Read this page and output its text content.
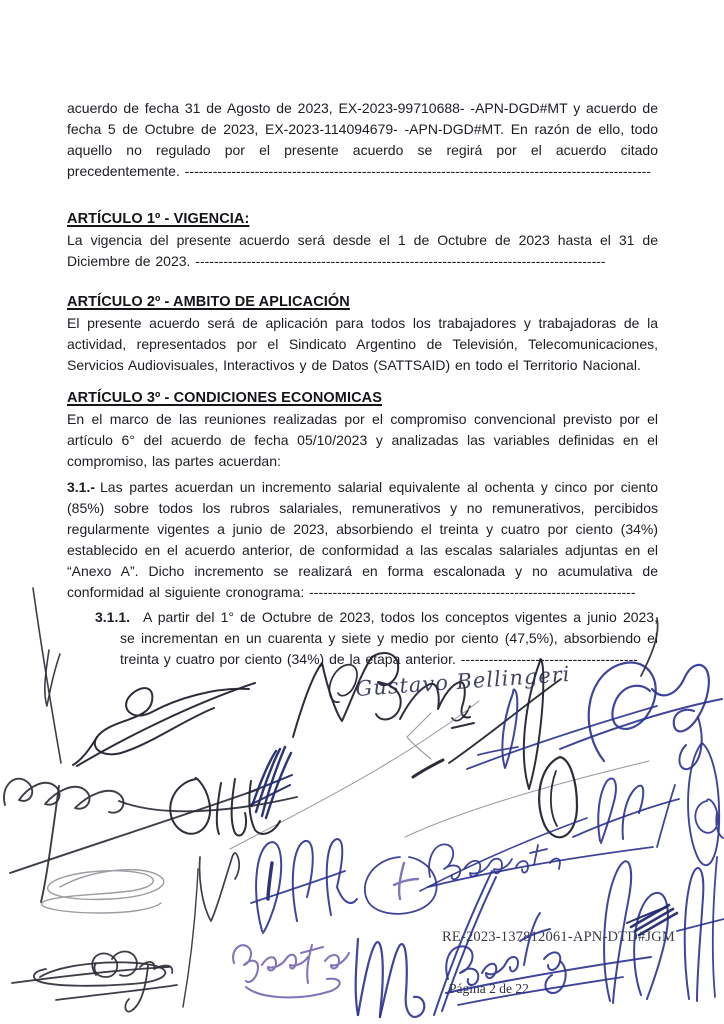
acuerdo de fecha 31 de Agosto de 2023, EX-2023-99710688- -APN-DGD#MT y acuerdo de fecha 5 de Octubre de 2023, EX-2023-114094679- -APN-DGD#MT. En razón de ello, todo aquello no regulado por el presente acuerdo se regirá por el acuerdo citado precedentemente. ----------------------------------------------------------------------------------------------------

ARTÍCULO 1º - VIGENCIA:

La vigencia del presente acuerdo será desde el 1 de Octubre de 2023 hasta el 31 de Diciembre de 2023. ----------------------------------------------------------------------------------------

ARTÍCULO 2º - AMBITO DE APLICACIÓN

El presente acuerdo será de aplicación para todos los trabajadores y trabajadoras de la actividad, representados por el Sindicato Argentino de Televisión, Telecomunicaciones, Servicios Audiovisuales, Interactivos y de Datos (SATTSAID) en todo el Territorio Nacional.

ARTÍCULO 3º - CONDICIONES ECONOMICAS

En el marco de las reuniones realizadas por el compromiso convencional previsto por el artículo 6° del acuerdo de fecha 05/10/2023 y analizadas las variables definidas en el compromiso, las partes acuerdan:

3.1.- Las partes acuerdan un incremento salarial equivalente al ochenta y cinco por ciento (85%) sobre todos los rubros salariales, remunerativos y no remunerativos, percibidos regularmente vigentes a junio de 2023, absorbiendo el treinta y cuatro por ciento (34%) establecido en el acuerdo anterior, de conformidad a las escalas salariales adjuntas en el “Anexo A”. Dicho incremento se realizará en forma escalonada y no acumulativa de conformidad al siguiente cronograma: ----------------------------------------------------------------------

3.1.1. A partir del 1° de Octubre de 2023, todos los conceptos vigentes a junio 2023, se incrementan en un cuarenta y siete y medio por ciento (47,5%), absorbiendo el treinta y cuatro por ciento (34%) de la etapa anterior. --------------------------------------

RE-2023-137812061-APN-DTD#JGM
Página 2 de 22
Gustavo Bellingeri
